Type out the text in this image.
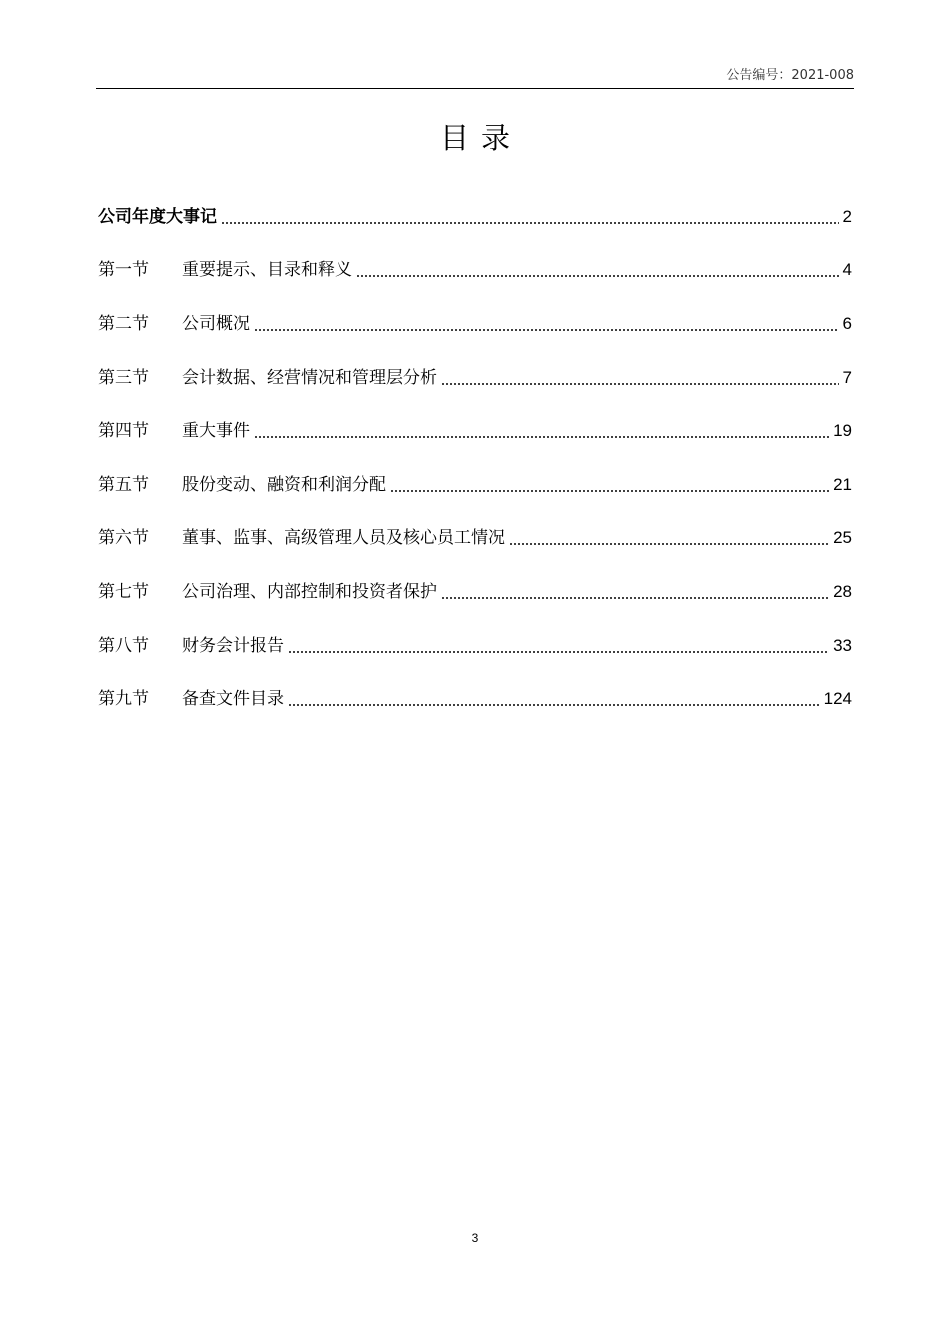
公告编号：2021-008
目录
公司年度大事记	2
第一节	重要提示、目录和释义	4
第二节	公司概况	6
第三节	会计数据、经营情况和管理层分析	7
第四节	重大事件	19
第五节	股份变动、融资和利润分配	21
第六节	董事、监事、高级管理人员及核心员工情况	25
第七节	公司治理、内部控制和投资者保护	28
第八节	财务会计报告	33
第九节	备查文件目录	124
3
